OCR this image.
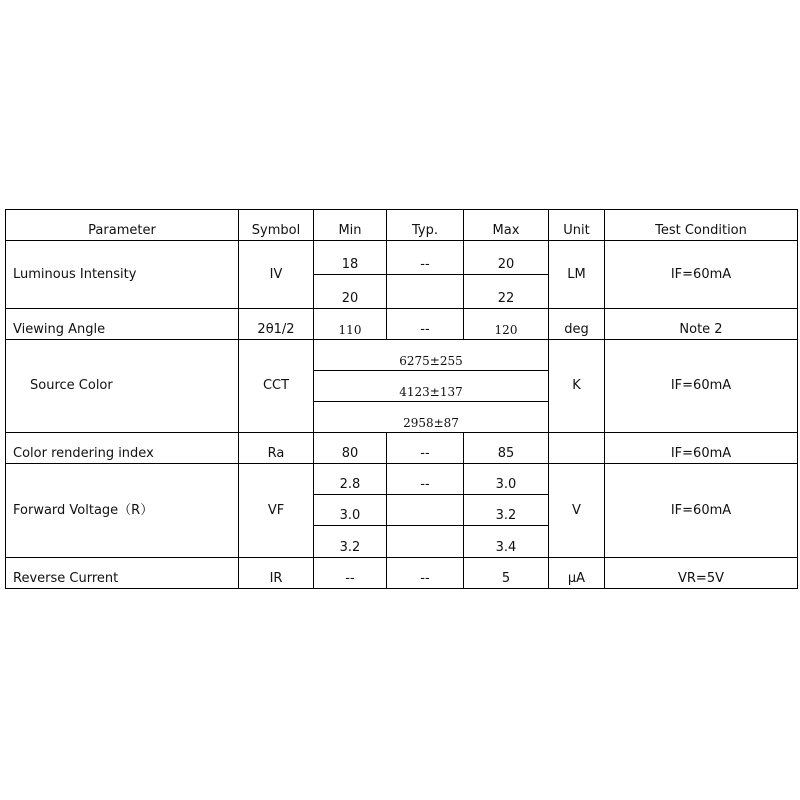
Parameter	Symbol	Min	Typ.	Max	Unit	Test Condition
Luminous Intensity	IV	18	--	20	LM	IF=60mA
		20		22		
Viewing Angle	2θ1/2	110	--	120	deg	Note 2
Source Color	CCT	6275±255			K	IF=60mA
		4123±137				
		2958±87				
Color rendering index	Ra	80	--	85		IF=60mA
Forward Voltage（R）	VF	2.8	--	3.0	V	IF=60mA
		3.0		3.2		
		3.2		3.4		
Reverse Current	IR	--	--	5	μA	VR=5V
